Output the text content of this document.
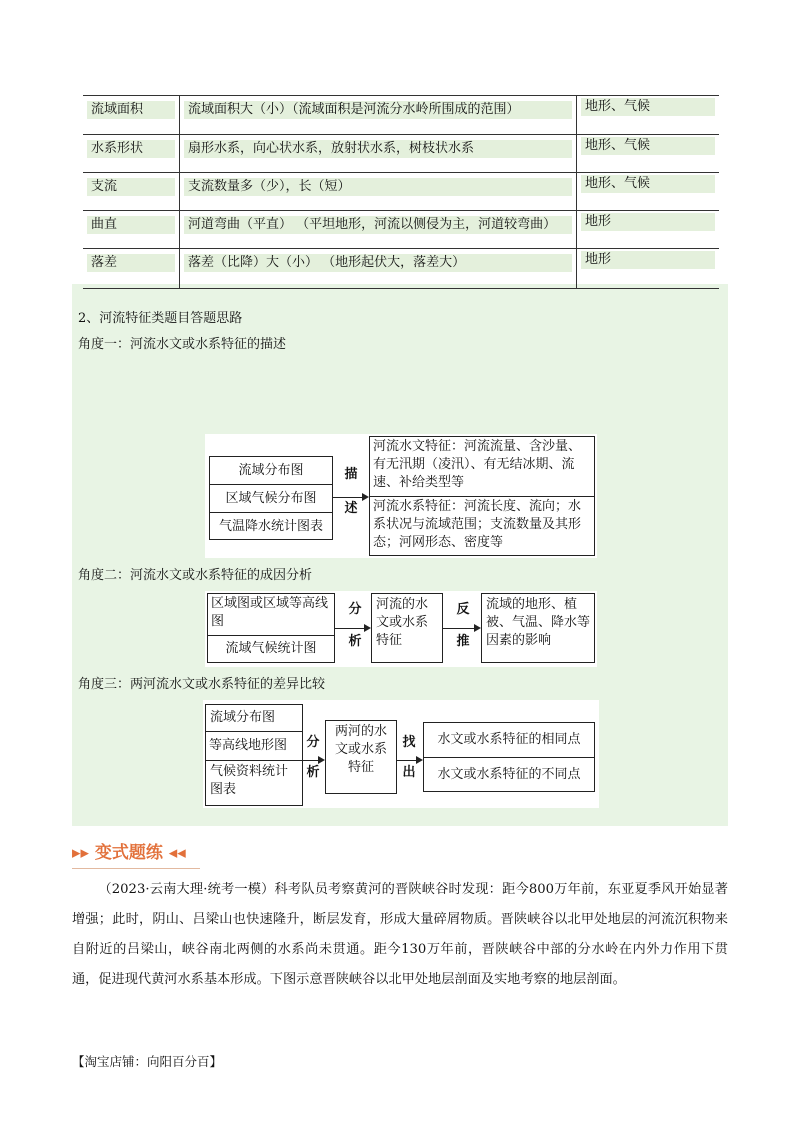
流域面积	流域面积大（小）（流域面积是河流分水岭所围成的范围）	地形、气候
水系形状	扇形水系，向心状水系，放射状水系，树枝状水系	地形、气候
支流	支流数量多（少），长（短）	地形、气候
曲直	河道弯曲（平直） （平坦地形，河流以侧侵为主，河道较弯曲）	地形
落差	落差（比降）大（小） （地形起伏大，落差大）	地形
2、河流特征类题目答题思路
角度一：河流水文或水系特征的描述
流域分布图
区域气候分布图
气温降水统计图表
描
述
河流水文特征：河流流量、含沙量、有无汛期（凌汛）、有无结冰期、流速、补给类型等
河流水系特征：河流长度、流向；水系状况与流域范围；支流数量及其形态；河网形态、密度等
角度二：河流水文或水系特征的成因分析
区域图或区域等高线图
流域气候统计图
分
析
河流的水文或水系特征
反
推
流域的地形、植被、气温、降水等因素的影响
角度三：两河流水文或水系特征的差异比较
流域分布图
等高线地形图
气候资料统计图表
分
析
两河的水文或水系特征
找
出
水文或水系特征的相同点
水文或水系特征的不同点
▶▶ 变式题练 ◀◀
（2023·云南大理·统考一模）科考队员考察黄河的晋陕峡谷时发现：距今800万年前，东亚夏季风开始显著增强；此时，阴山、吕梁山也快速隆升，断层发育，形成大量碎屑物质。晋陕峡谷以北甲处地层的河流沉积物来自附近的吕梁山，峡谷南北两侧的水系尚未贯通。距今130万年前，晋陕峡谷中部的分水岭在内外力作用下贯通，促进现代黄河水系基本形成。下图示意晋陕峡谷以北甲处地层剖面及实地考察的地层剖面。
【淘宝店铺：向阳百分百】
